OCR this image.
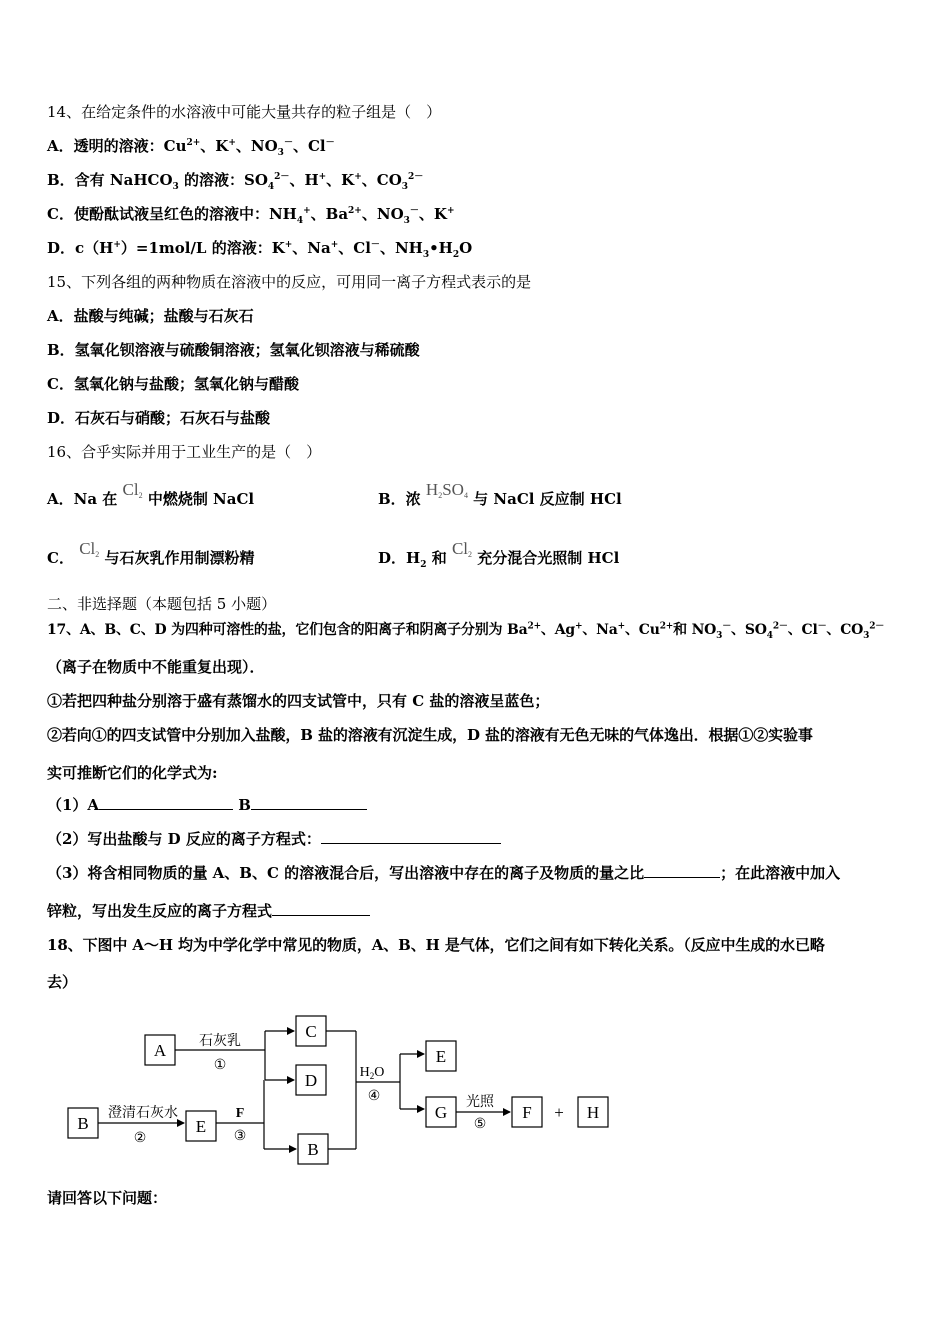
14、在给定条件的水溶液中可能大量共存的粒子组是（　）
A．透明的溶液：$Cu^{2+}$、K+、$NO_3^-$、Cl－
B．含有 NaHCO$_3$ 的溶液：$SO_4^{2-}$、H+、K+、$CO_3^{2-}$
C．使酚酞试液呈红色的溶液中：$NH_4^+$、$Ba^{2+}$、$NO_3^-$、K+
D．c（H+）=1mol/L 的溶液：K+、Na+、Cl－、$NH_3•H_2O$
15、下列各组的两种物质在溶液中的反应，可用同一离子方程式表示的是
A．盐酸与纯碱；盐酸与石灰石
B．氢氧化钡溶液与硫酸铜溶液；氢氧化钡溶液与稀硫酸
C．氢氧化钠与盐酸；氢氧化钠与醋酸
D．石灰石与硝酸；石灰石与盐酸
16、合乎实际并用于工业生产的是（　）
A．Na 在 Cl2 中燃烧制 NaCl	B．浓 H2SO4 与 NaCl 反应制 HCl
C． Cl2 与石灰乳作用制漂粉精	D．$H_2$ 和 Cl2 充分混合光照制 HCl
二、非选择题（本题包括 5 小题）
17、A、B、C、D 为四种可溶性的盐，它们包含的阳离子和阴离子分别为 $Ba^{2+}$、Ag+、Na+、$Cu^{2+}$和 $NO_3^-$、$SO_4^{2-}$、Cl－、$CO_3^{2-}$
（离子在物质中不能重复出现）．
①若把四种盐分别溶于盛有蒸馏水的四支试管中，只有 C 盐的溶液呈蓝色；
②若向①的四支试管中分别加入盐酸，B 盐的溶液有沉淀生成，D 盐的溶液有无色无味的气体逸出．根据①②实验事
实可推断它们的化学式为:
（1）A	B
（2）写出盐酸与 D 反应的离子方程式：
（3）将含相同物质的量 A、B、C 的溶液混合后，写出溶液中存在的离子及物质的量之比	；在此溶液中加入
锌粒，写出发生反应的离子方程式
18、下图中 A～H 均为中学化学中常见的物质，A、B、H 是气体，它们之间有如下转化关系。（反应中生成的水已略
去）
A
B	E
C
D
B
E
G	F	H
+
石灰乳
①
澄清石灰水
②
F
③
$H_2O$
④	光照
⑤
请回答以下问题：
